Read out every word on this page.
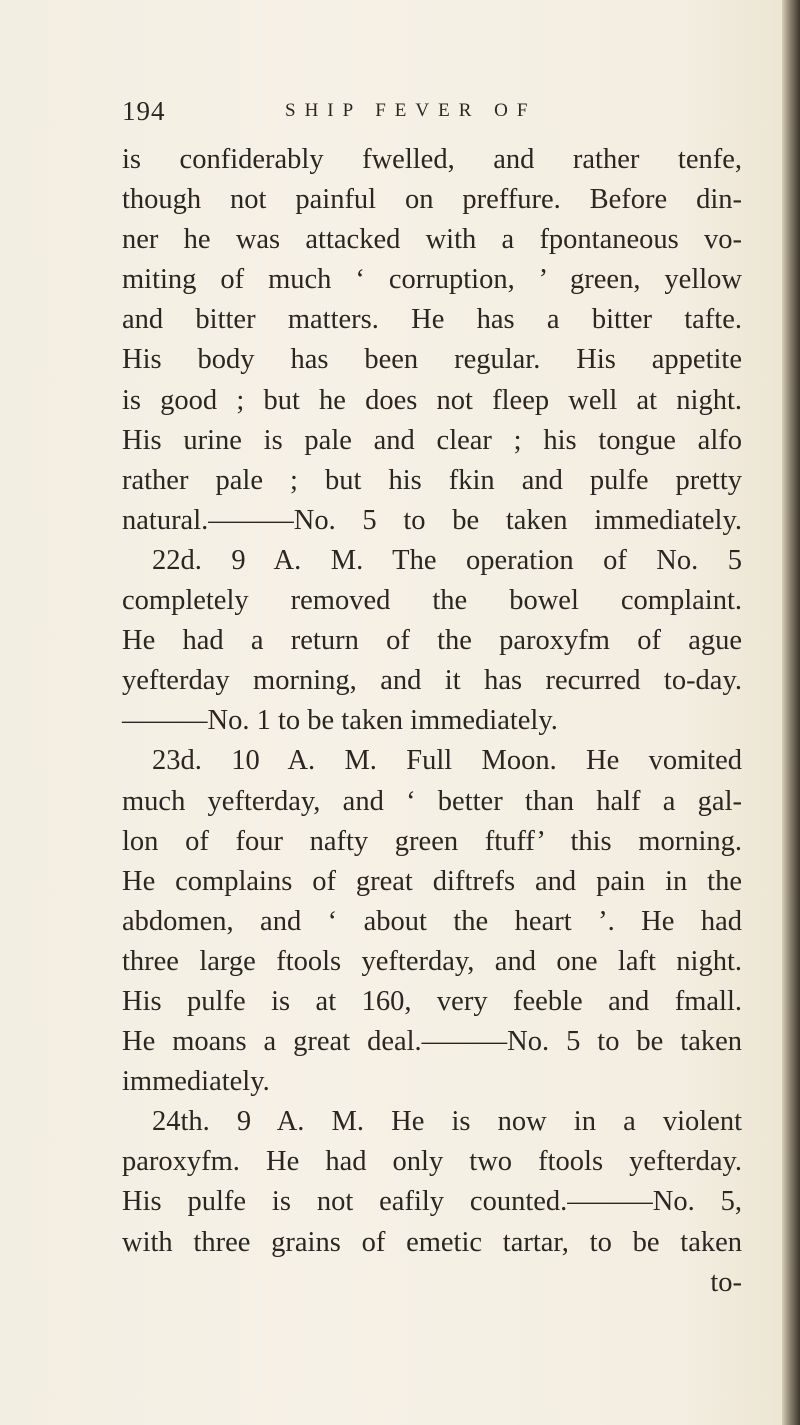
194	SHIP FEVER OF
is confiderably fwelled, and rather tenfe,
though not painful on preffure. Before din-
ner he was attacked with a fpontaneous vo-
miting of much ‘ corruption, ’ green, yellow
and bitter matters. He has a bitter tafte.
His body has been regular. His appetite
is good ; but he does not fleep well at night.
His urine is pale and clear ; his tongue alfo
rather pale ; but his fkin and pulfe pretty
natural.———No. 5 to be taken immediately.
22d. 9 A. M. The operation of No. 5
completely removed the bowel complaint.
He had a return of the paroxyfm of ague
yefterday morning, and it has recurred to-day.
———No. 1 to be taken immediately.
23d. 10 A. M. Full Moon. He vomited
much yefterday, and ‘ better than half a gal-
lon of four nafty green ftuff’ this morning.
He complains of great diftrefs and pain in the
abdomen, and ‘ about the heart ’. He had
three large ftools yefterday, and one laft night.
His pulfe is at 160, very feeble and fmall.
He moans a great deal.———No. 5 to be taken
immediately.
24th. 9 A. M. He is now in a violent
paroxyfm. He had only two ftools yefterday.
His pulfe is not eafily counted.———No. 5,
with three grains of emetic tartar, to be taken
to-
